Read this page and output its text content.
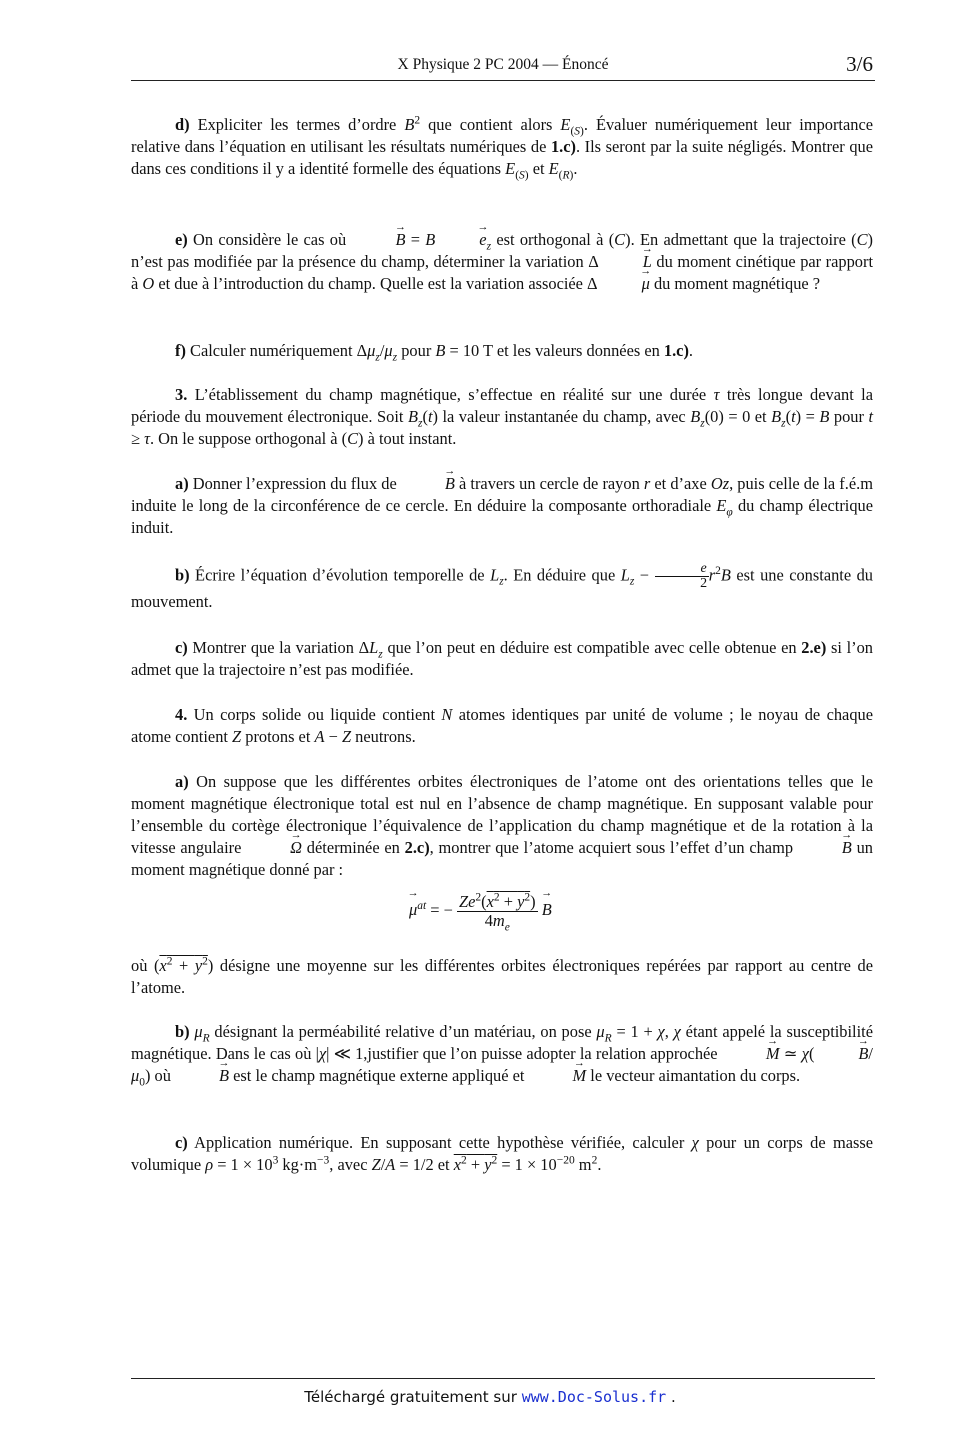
X Physique 2 PC 2004 — Énoncé	3/6

d) Expliciter les termes d’ordre $B^2$ que contient alors $E_{(S)}$. Évaluer numériquement leur importance relative dans l’équation en utilisant les résultats numériques de 1.c). Ils seront par la suite négligés. Montrer que dans ces conditions il y a identité formelle des équations $E_{(S)}$ et $E_{(R)}$.

e) On considère le cas où	→ B = B	→ $e_z$ est orthogonal à (C). En admettant que la trajectoire (C) n’est pas modifiée par la présence du champ, déterminer la variation Δ	→ L du moment cinétique par rapport à O et due à l’introduction du champ. Quelle est la variation associée Δ	→ μ du moment magnétique ?

f) Calculer numériquement $\Delta\mu_z/\mu_z$ pour B = 10 T et les valeurs données en 1.c).

3. L’établissement du champ magnétique, s’effectue en réalité sur une durée τ très longue devant la période du mouvement électronique. Soit $B_z(t)$ la valeur instantanée du champ, avec $B_z(0) = 0$ et $B_z(t) = B$ pour t ≥ τ. On le suppose orthogonal à (C) à tout instant.

a) Donner l’expression du flux de	→ B à travers un cercle de rayon r et d’axe Oz, puis celle de la f.é.m induite le long de la circonférence de ce cercle. En déduire la composante orthoradiale $E_\varphi$ du champ électrique induit.

b) Écrire l’équation d’évolution temporelle de $L_z$. En déduire que $L_z - \frac{e}{2} r^2B$ est une constante du mouvement.

c) Montrer que la variation $\Delta L_z$ que l’on peut en déduire est compatible avec celle obtenue en 2.e) si l’on admet que la trajectoire n’est pas modifiée.

4. Un corps solide ou liquide contient N atomes identiques par unité de volume ; le noyau de chaque atome contient Z protons et A − Z neutrons.

a) On suppose que les différentes orbites électroniques de l’atome ont des orientations telles que le moment magnétique électronique total est nul en l’absence de champ magnétique. En supposant valable pour l’ensemble du cortège électronique l’équivalence de l’application du champ magnétique et de la rotation à la vitesse angulaire	→ Ω déterminée en 2.c), montrer que l’atome acquiert sous l’effet d’un champ	→ B un moment magnétique donné par :

→ $\mu^{at}$ = − $\frac{Ze^2(x^2 + y^2)}{4m_e} \to B$

où $(x^2 + y^2)$ désigne une moyenne sur les différentes orbites électroniques repérées par rapport au centre de l’atome.

b) $\mu_R$ désignant la perméabilité relative d’un matériau, on pose $\mu_R = 1 + \chi$, χ étant appelé la susceptibilité magnétique. Dans le cas où |χ| ≪ 1,justifier que l’on puisse adopter la relation approchée	→ M ≃ χ(	→ $B/\mu_0$) où	→ B est le champ magnétique externe appliqué et	→ M le vecteur aimantation du corps.

c) Application numérique. En supposant cette hypothèse vérifiée, calculer χ pour un corps de masse volumique $\rho = 1 \times 10^3$ $kg\cdot m^{-3}$, avec Z/A = 1/2 et $x^2 + y^2 = 1 \times 10^{-20}$ $m^2$.

Téléchargé gratuitement sur www.Doc-Solus.fr .
